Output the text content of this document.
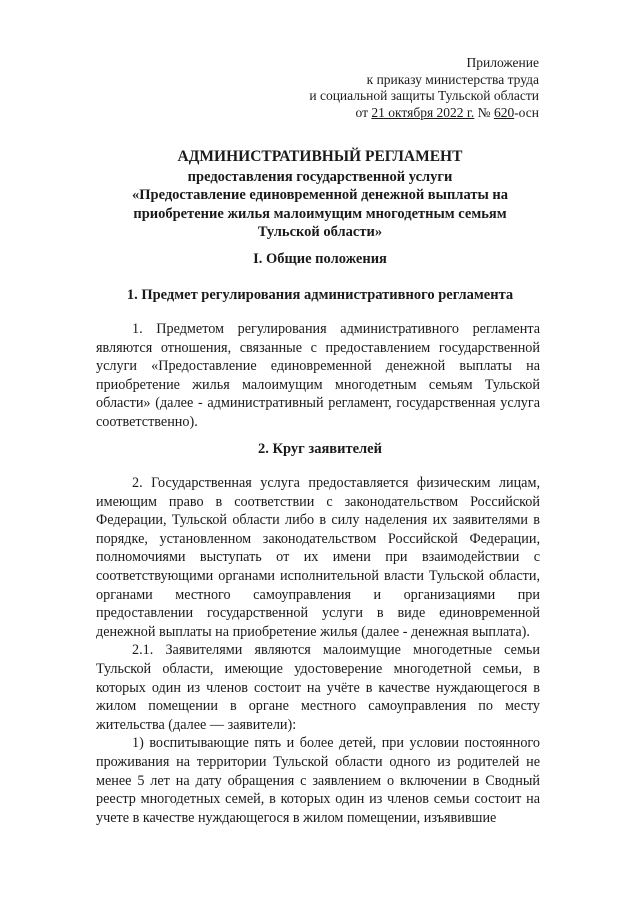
Приложение
к приказу министерства труда
и социальной защиты Тульской области
от 21 октября 2022 г. № 620-осн
АДМИНИСТРАТИВНЫЙ РЕГЛАМЕНТ
предоставления государственной услуги
«Предоставление единовременной денежной выплаты на
приобретение жилья малоимущим многодетным семьям
Тульской области»
I. Общие положения
1. Предмет регулирования административного регламента

1. Предметом регулирования административного регламента являются отношения, связанные с предоставлением государственной услуги «Предоставление единовременной денежной выплаты на приобретение жилья малоимущим многодетным семьям Тульской области» (далее - административный регламент, государственная услуга соответственно).

2. Круг заявителей

2. Государственная услуга предоставляется физическим лицам, имеющим право в соответствии с законодательством Российской Федерации, Тульской области либо в силу наделения их заявителями в порядке, установленном законодательством Российской Федерации, полномочиями выступать от их имени при взаимодействии с соответствующими органами исполнительной власти Тульской области, органами местного самоуправления и организациями при предоставлении государственной услуги в виде единовременной денежной выплаты на приобретение жилья (далее - денежная выплата).

2.1. Заявителями являются малоимущие многодетные семьи Тульской области, имеющие удостоверение многодетной семьи, в которых один из членов состоит на учёте в качестве нуждающегося в жилом помещении в органе местного самоуправления по месту жительства (далее — заявители):

1) воспитывающие пять и более детей, при условии постоянного проживания на территории Тульской области одного из родителей не менее 5 лет на дату обращения с заявлением о включении в Сводный реестр многодетных семей, в которых один из членов семьи состоит на учете в качестве нуждающегося в жилом помещении, изъявившие
